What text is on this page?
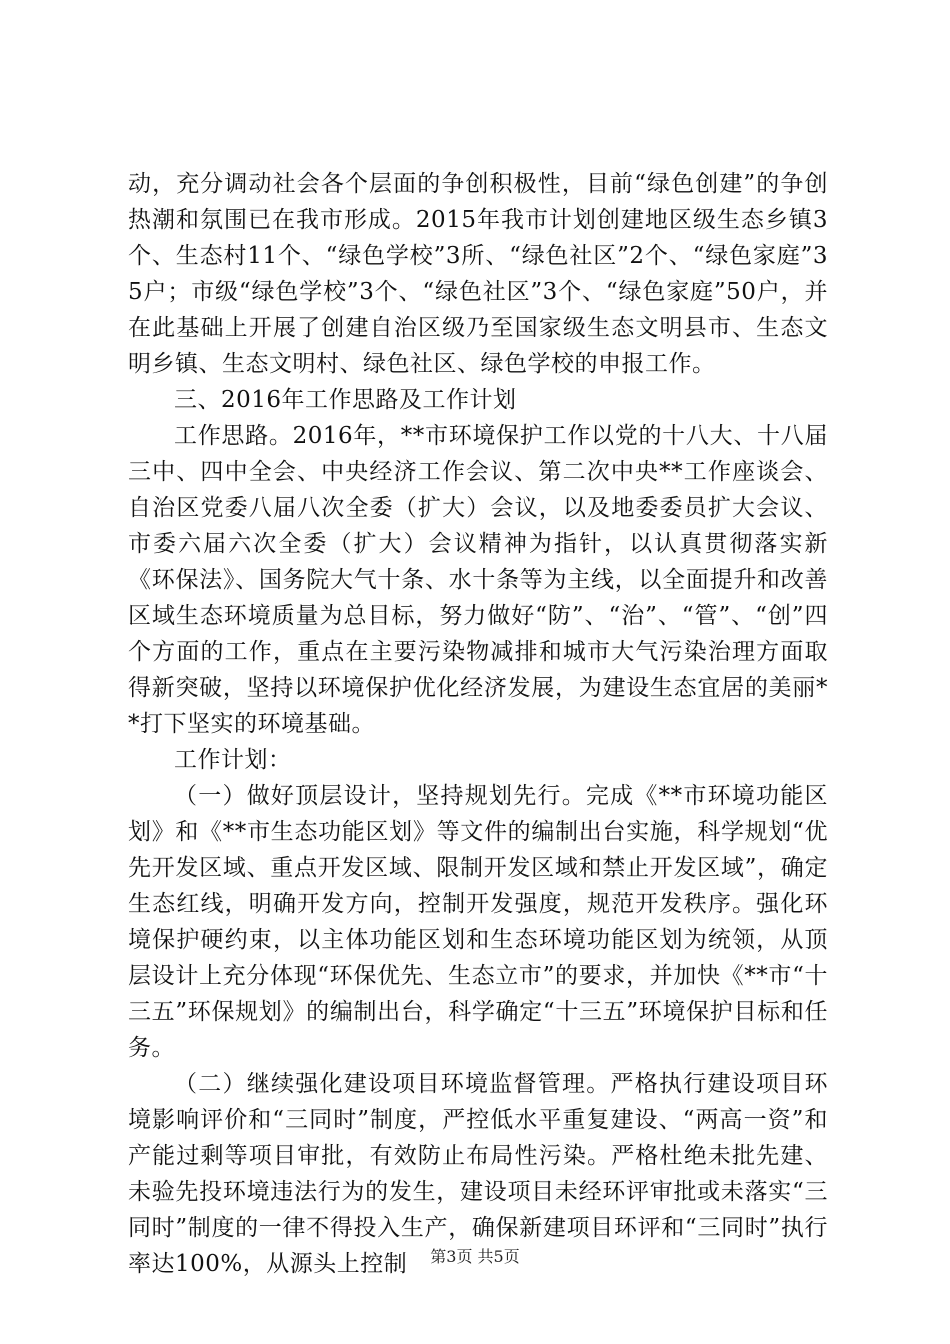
动，充分调动社会各个层面的争创积极性，目前“绿色创建”的争创热潮和氛围已在我市形成。2015年我市计划创建地区级生态乡镇3个、生态村11个、“绿色学校”3所、“绿色社区”2个、“绿色家庭”35户；市级“绿色学校”3个、“绿色社区”3个、“绿色家庭”50户，并在此基础上开展了创建自治区级乃至国家级生态文明县市、生态文明乡镇、生态文明村、绿色社区、绿色学校的申报工作。

三、2016年工作思路及工作计划

工作思路。2016年，**市环境保护工作以党的十八大、十八届三中、四中全会、中央经济工作会议、第二次中央**工作座谈会、自治区党委八届八次全委（扩大）会议，以及地委委员扩大会议、市委六届六次全委（扩大）会议精神为指针，以认真贯彻落实新《环保法》、国务院大气十条、水十条等为主线，以全面提升和改善区域生态环境质量为总目标，努力做好“防”、“治”、“管”、“创”四个方面的工作，重点在主要污染物减排和城市大气污染治理方面取得新突破，坚持以环境保护优化经济发展，为建设生态宜居的美丽**打下坚实的环境基础。

工作计划：

（一）做好顶层设计，坚持规划先行。完成《**市环境功能区划》和《**市生态功能区划》等文件的编制出台实施，科学规划“优先开发区域、重点开发区域、限制开发区域和禁止开发区域”，确定生态红线，明确开发方向，控制开发强度，规范开发秩序。强化环境保护硬约束，以主体功能区划和生态环境功能区划为统领，从顶层设计上充分体现“环保优先、生态立市”的要求，并加快《**市“十三五”环保规划》的编制出台，科学确定“十三五”环境保护目标和任务。

（二）继续强化建设项目环境监督管理。严格执行建设项目环境影响评价和“三同时”制度，严控低水平重复建设、“两高一资”和产能过剩等项目审批，有效防止布局性污染。严格杜绝未批先建、未验先投环境违法行为的发生，建设项目未经环评审批或未落实“三同时”制度的一律不得投入生产，确保新建项目环评和“三同时”执行率达100%，从源头上控制	第3页 共5页
